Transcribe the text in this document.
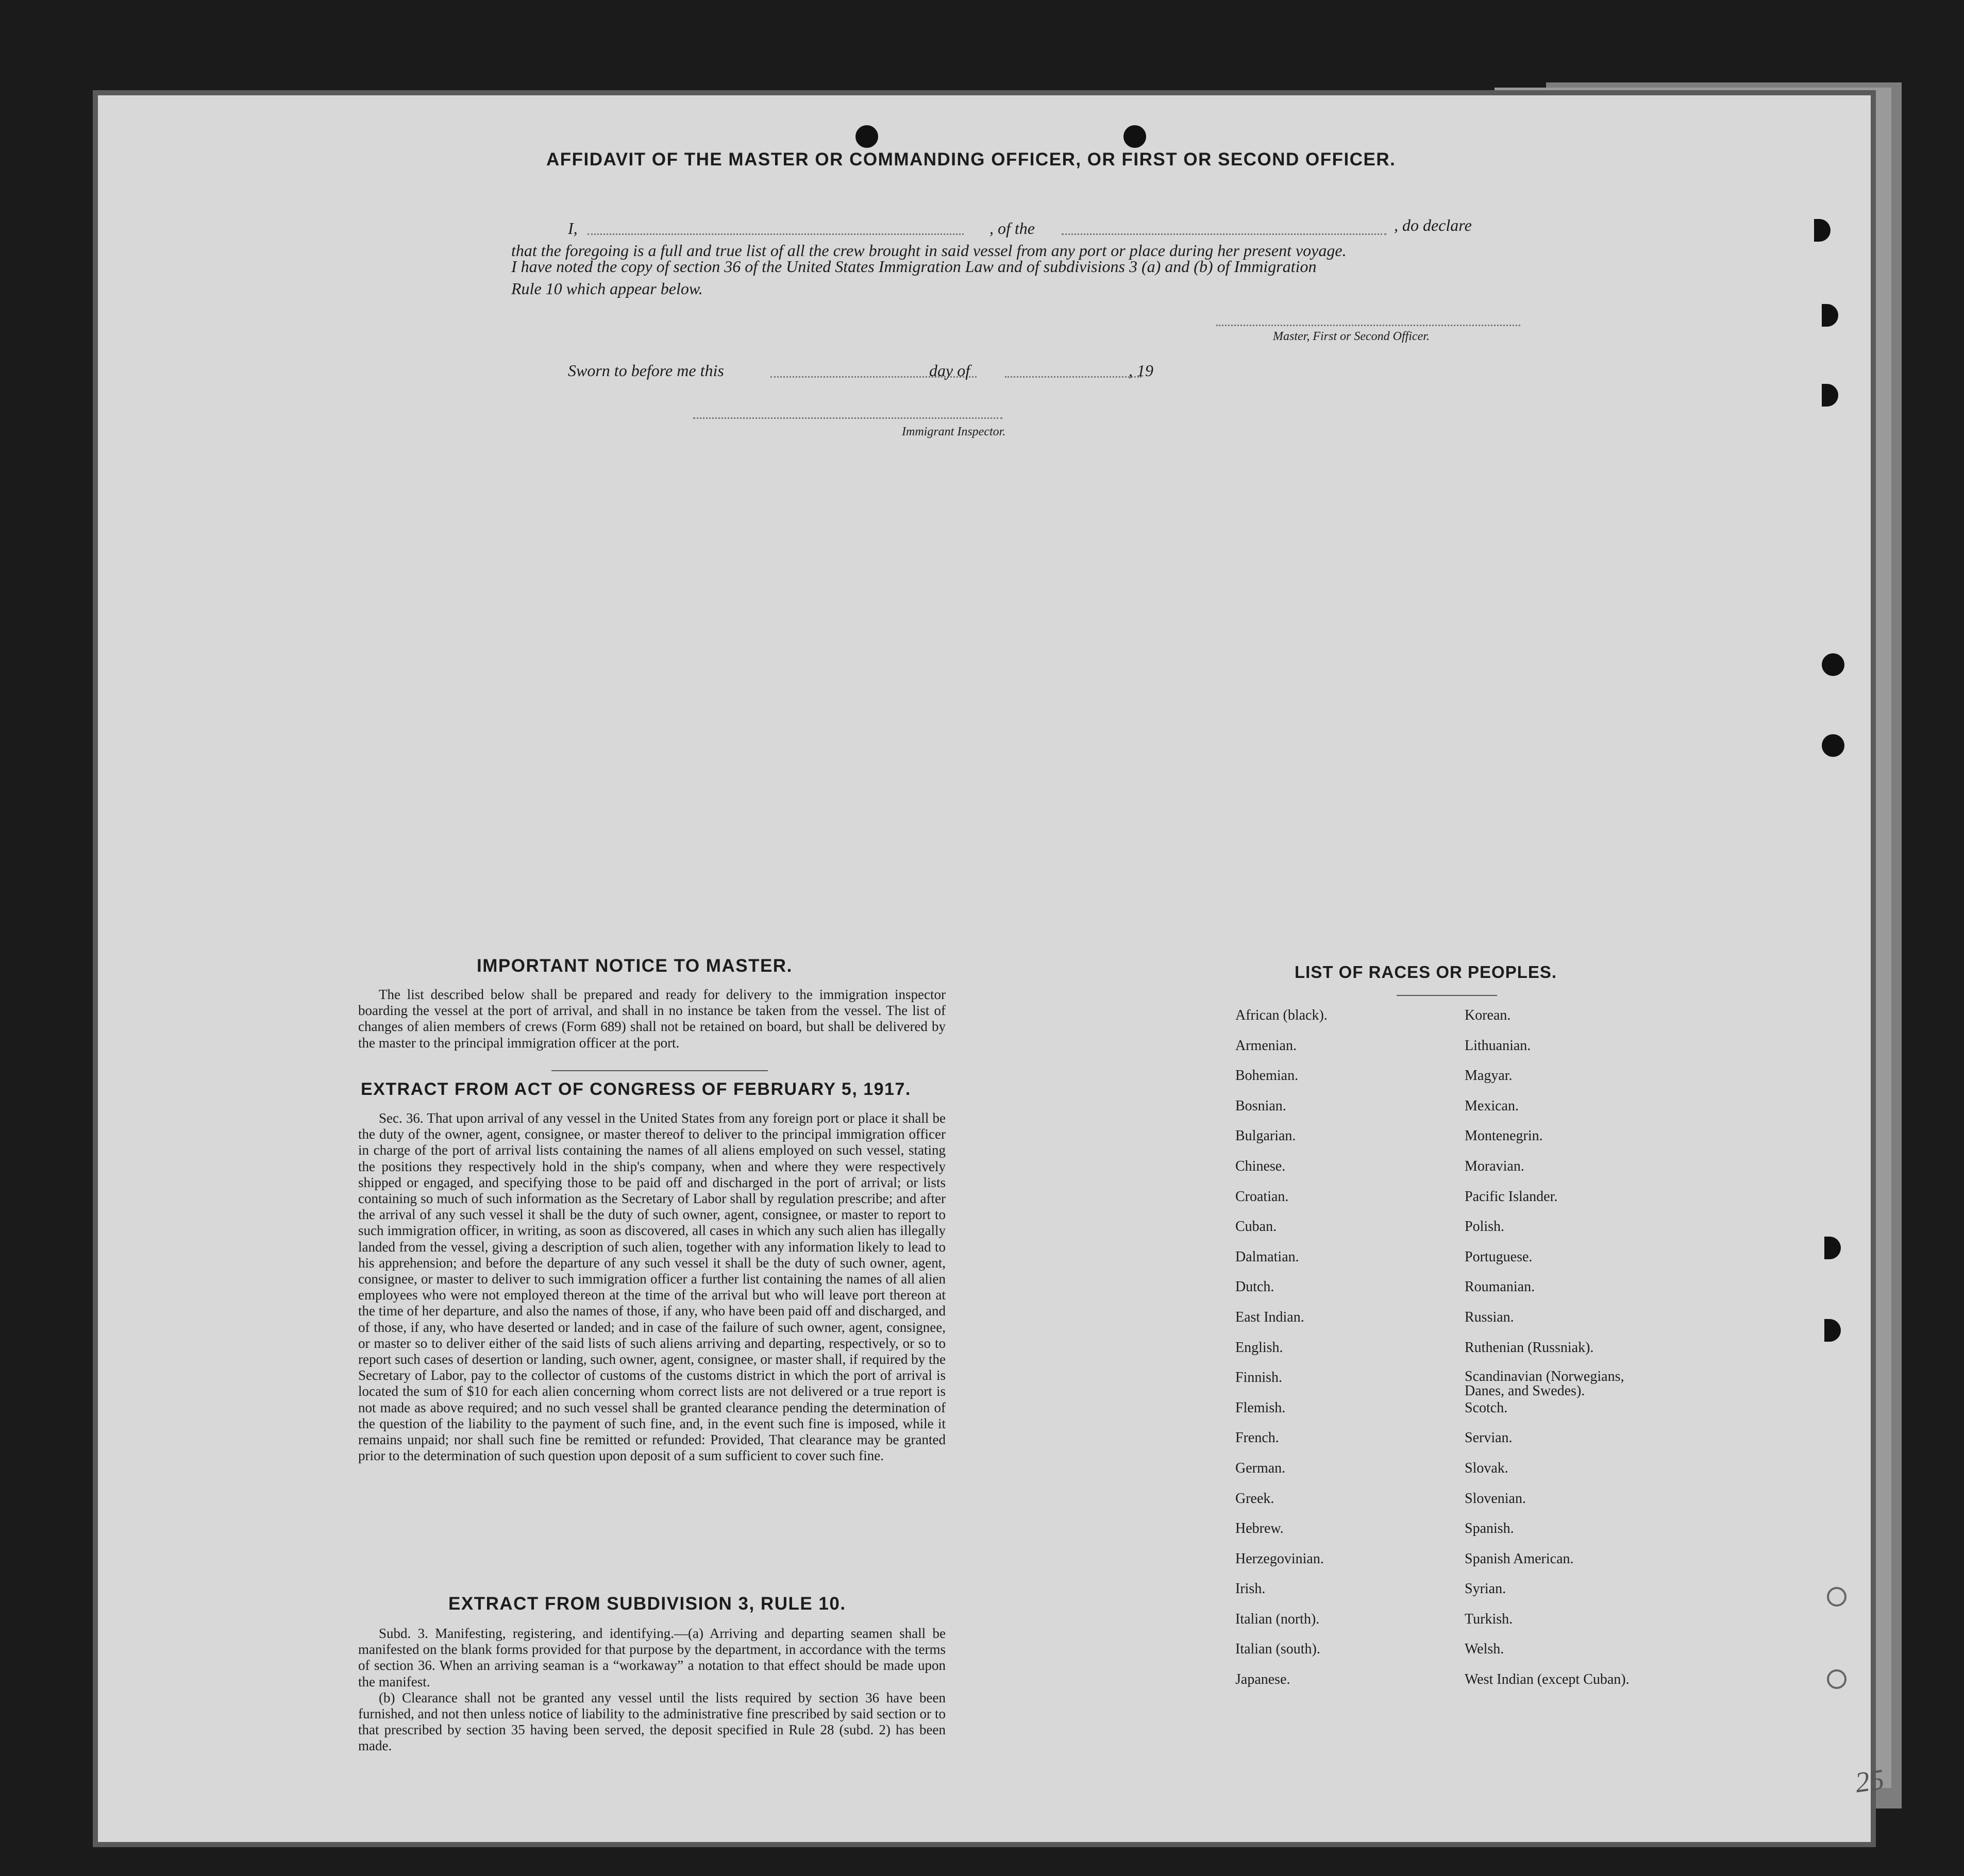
AFFIDAVIT OF THE MASTER OR COMMANDING OFFICER, OR FIRST OR SECOND OFFICER.
I,	, of the	, do declare
that the foregoing is a full and true list of all the crew brought in said vessel from any port or place during her present voyage.
I have noted the copy of section 36 of the United States Immigration Law and of subdivisions 3 (a) and (b) of Immigration
Rule 10 which appear below.
Master, First or Second Officer.
Sworn to before me this	day of	, 19
Immigrant Inspector.
IMPORTANT NOTICE TO MASTER.

The list described below shall be prepared and ready for delivery to the immigration inspector boarding the vessel at the port of arrival, and shall in no instance be taken from the vessel. The list of changes of alien members of crews (Form 689) shall not be retained on board, but shall be delivered by the master to the principal immigration officer at the port.

EXTRACT FROM ACT OF CONGRESS OF FEBRUARY 5, 1917.

Sec. 36. That upon arrival of any vessel in the United States from any foreign port or place it shall be the duty of the owner, agent, consignee, or master thereof to deliver to the principal immigration officer in charge of the port of arrival lists containing the names of all aliens employed on such vessel, stating the positions they respectively hold in the ship's company, when and where they were respectively shipped or engaged, and specifying those to be paid off and discharged in the port of arrival; or lists containing so much of such information as the Secretary of Labor shall by regulation prescribe; and after the arrival of any such vessel it shall be the duty of such owner, agent, consignee, or master to report to such immigration officer, in writing, as soon as discovered, all cases in which any such alien has illegally landed from the vessel, giving a description of such alien, together with any information likely to lead to his apprehension; and before the departure of any such vessel it shall be the duty of such owner, agent, consignee, or master to deliver to such immigration officer a further list containing the names of all alien employees who were not employed thereon at the time of the arrival but who will leave port thereon at the time of her departure, and also the names of those, if any, who have been paid off and discharged, and of those, if any, who have deserted or landed; and in case of the failure of such owner, agent, consignee, or master so to deliver either of the said lists of such aliens arriving and departing, respectively, or so to report such cases of desertion or landing, such owner, agent, consignee, or master shall, if required by the Secretary of Labor, pay to the collector of customs of the customs district in which the port of arrival is located the sum of $10 for each alien concerning whom correct lists are not delivered or a true report is not made as above required; and no such vessel shall be granted clearance pending the determination of the question of the liability to the payment of such fine, and, in the event such fine is imposed, while it remains unpaid; nor shall such fine be remitted or refunded: Provided, That clearance may be granted prior to the determination of such question upon deposit of a sum sufficient to cover such fine.

EXTRACT FROM SUBDIVISION 3, RULE 10.

Subd. 3. Manifesting, registering, and identifying.—(a) Arriving and departing seamen shall be manifested on the blank forms provided for that purpose by the department, in accordance with the terms of section 36. When an arriving seaman is a “workaway” a notation to that effect should be made upon the manifest.

(b) Clearance shall not be granted any vessel until the lists required by section 36 have been furnished, and not then unless notice of liability to the administrative fine prescribed by said section or to that prescribed by section 35 having been served, the deposit specified in Rule 28 (subd. 2) has been made.

14—1240
LIST OF RACES OR PEOPLES.
African (black).
Armenian.
Bohemian.
Bosnian.
Bulgarian.
Chinese.
Croatian.
Cuban.
Dalmatian.
Dutch.
East Indian.
English.
Finnish.
Flemish.
French.
German.
Greek.
Hebrew.
Herzegovinian.
Irish.
Italian (north).
Italian (south).
Japanese.
Korean.
Lithuanian.
Magyar.
Mexican.
Montenegrin.
Moravian.
Pacific Islander.
Polish.
Portuguese.
Roumanian.
Russian.
Ruthenian (Russniak).
Scandinavian (Norwegians, Danes, and Swedes).
Scotch.
Servian.
Slovak.
Slovenian.
Spanish.
Spanish American.
Syrian.
Turkish.
Welsh.
West Indian (except Cuban).
25
